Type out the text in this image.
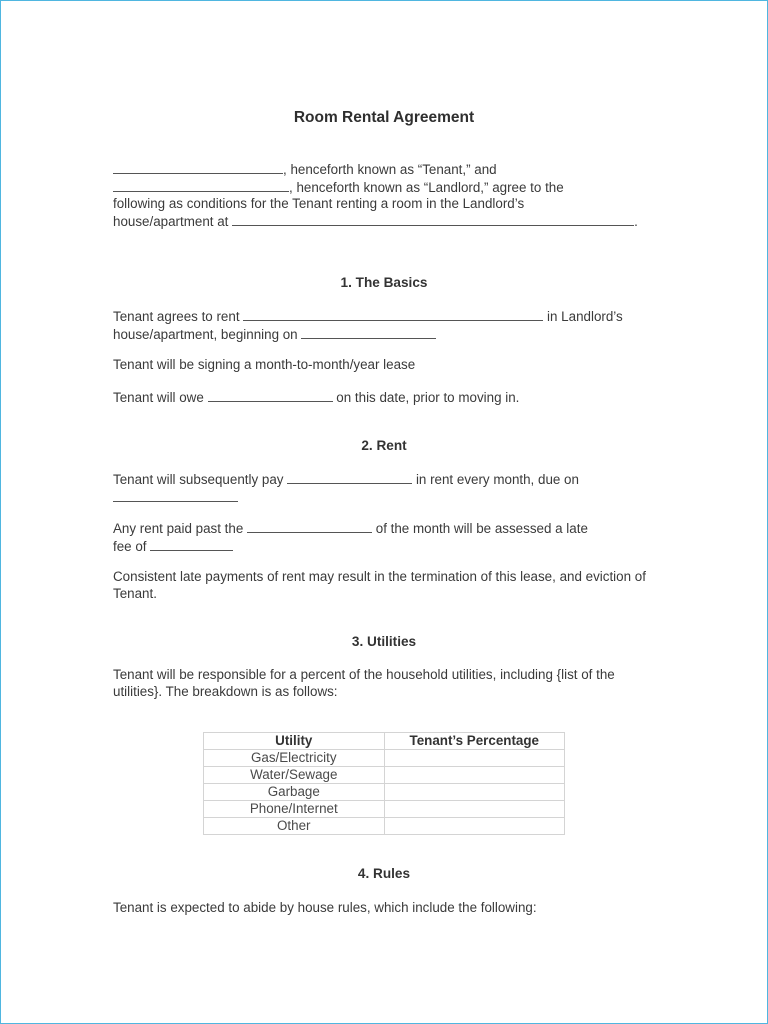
Room Rental Agreement
, henceforth known as “Tenant,” and
, henceforth known as “Landlord,” agree to the
following as conditions for the Tenant renting a room in the Landlord’s
house/apartment at	.
1. The Basics
Tenant agrees to rent	in Landlord’s
house/apartment, beginning on
Tenant will be signing a month-to-month/year lease
Tenant will owe	on this date, prior to moving in.
2. Rent
Tenant will subsequently pay	in rent every month, due on
Any rent paid past the	of the month will be assessed a late
fee of
Consistent late payments of rent may result in the termination of this lease, and eviction of Tenant.
3. Utilities
Tenant will be responsible for a percent of the household utilities, including {list of the utilities}. The breakdown is as follows:
Utility	Tenant’s Percentage
Gas/Electricity	
Water/Sewage	
Garbage	
Phone/Internet	
Other	
4. Rules
Tenant is expected to abide by house rules, which include the following:
